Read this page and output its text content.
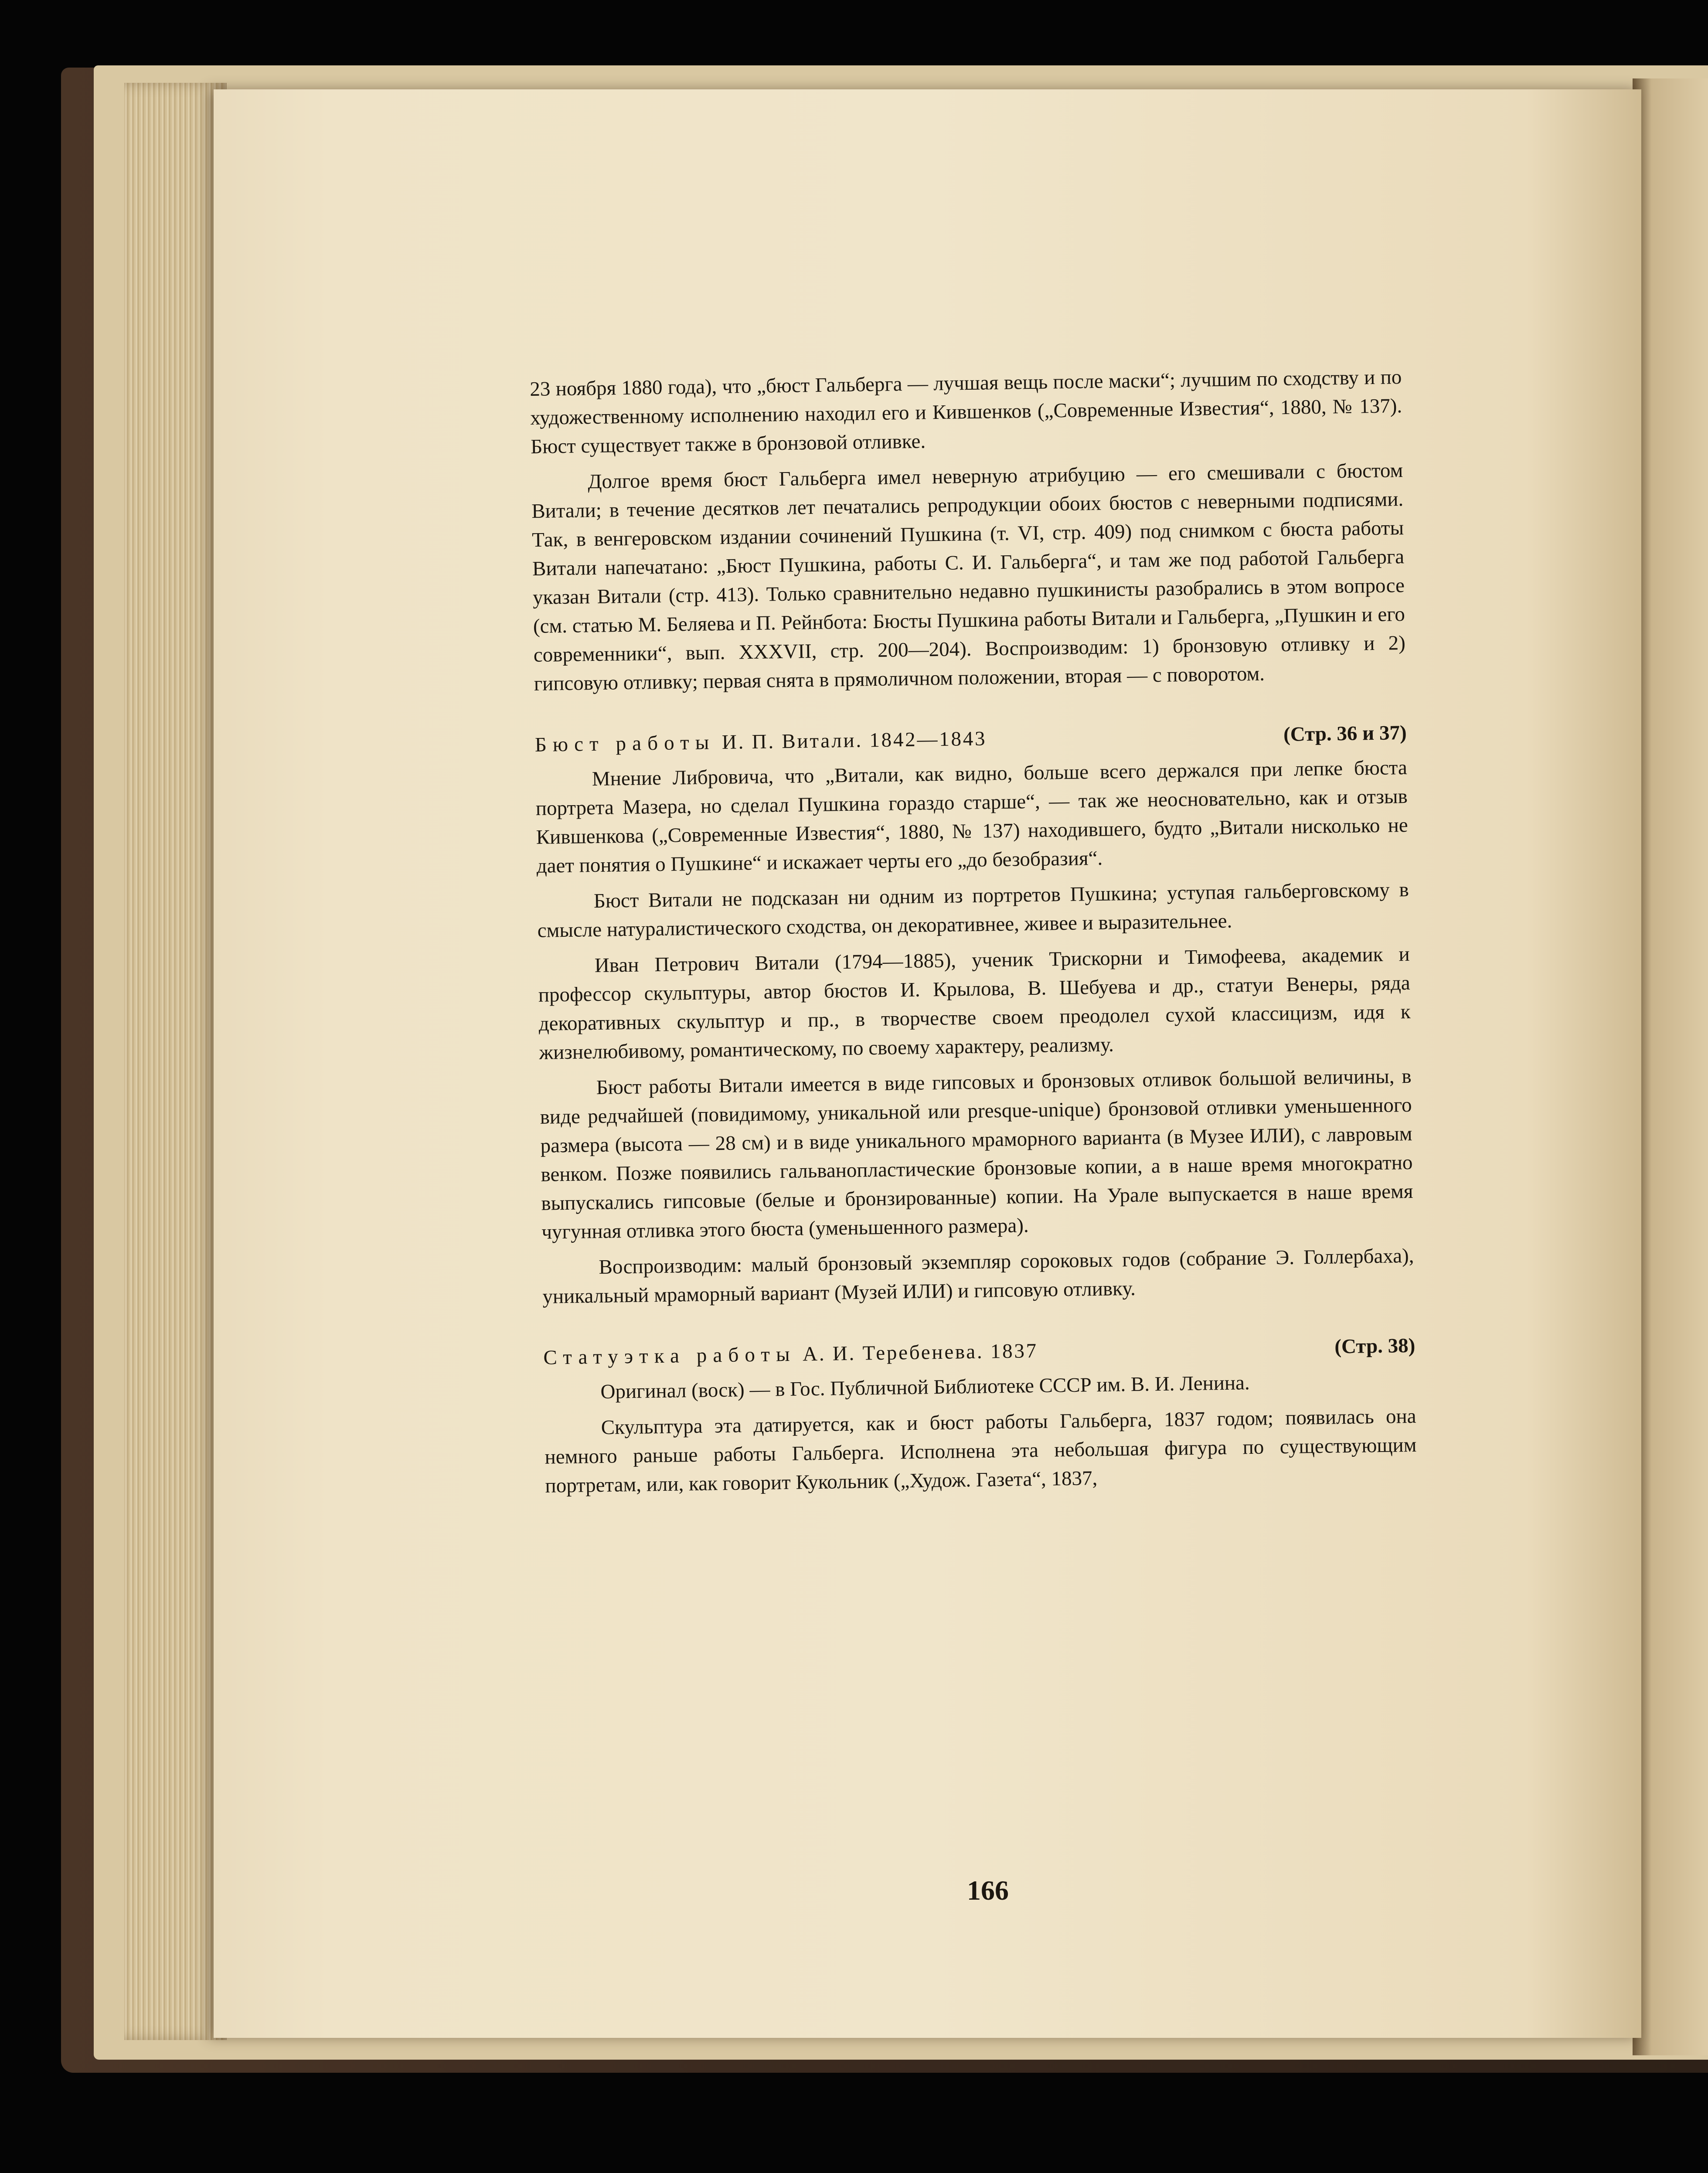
23 ноября 1880 года), что „бюст Гальберга — лучшая вещь после маски“; лучшим по сходству и по художественному исполнению находил его и Кившенков („Современные Известия“, 1880, № 137). Бюст существует также в бронзовой отливке.

Долгое время бюст Гальберга имел неверную атрибуцию — его смешивали с бюстом Витали; в течение десятков лет печатались репродукции обоих бюстов с неверными подписями. Так, в венгеровском издании сочинений Пушкина (т. VI, стр. 409) под снимком с бюста работы Витали напечатано: „Бюст Пушкина, работы С. И. Гальберга“, и там же под работой Гальберга указан Витали (стр. 413). Только сравнительно недавно пушкинисты разобрались в этом вопросе (см. статью М. Беляева и П. Рейнбота: Бюсты Пушкина работы Витали и Гальберга, „Пушкин и его современники“, вып. XXXVII, стр. 200—204). Воспроизводим: 1) бронзовую отливку и 2) гипсовую отливку; первая снята в прямоличном положении, вторая — с поворотом.

Бюст работы И. П. Витали. 1842—1843	(Стр. 36 и 37)

Мнение Либровича, что „Витали, как видно, больше всего держался при лепке бюста портрета Мазера, но сделал Пушкина гораздо старше“, — так же неосновательно, как и отзыв Кившенкова („Современные Известия“, 1880, № 137) находившего, будто „Витали нисколько не дает понятия о Пушкине“ и искажает черты его „до безобразия“.

Бюст Витали не подсказан ни одним из портретов Пушкина; уступая гальберговскому в смысле натуралистического сходства, он декоративнее, живее и выразительнее.

Иван Петрович Витали (1794—1885), ученик Трискорни и Тимофеева, академик и профессор скульптуры, автор бюстов И. Крылова, В. Шебуева и др., статуи Венеры, ряда декоративных скульптур и пр., в творчестве своем преодолел сухой классицизм, идя к жизнелюбивому, романтическому, по своему характеру, реализму.

Бюст работы Витали имеется в виде гипсовых и бронзовых отливок большой величины, в виде редчайшей (повидимому, уникальной или presque-unique) бронзовой отливки уменьшенного размера (высота — 28 см) и в виде уникального мраморного варианта (в Музее ИЛИ), с лавровым венком. Позже появились гальванопластические бронзовые копии, а в наше время многократно выпускались гипсовые (белые и бронзированные) копии. На Урале выпускается в наше время чугунная отливка этого бюста (уменьшенного размера).

Воспроизводим: малый бронзовый экземпляр сороковых годов (собрание Э. Голлербаха), уникальный мраморный вариант (Музей ИЛИ) и гипсовую отливку.

Статуэтка работы А. И. Теребенева. 1837	(Стр. 38)

Оригинал (воск) — в Гос. Публичной Библиотеке СССР им. В. И. Ленина.

Скульптура эта датируется, как и бюст работы Гальберга, 1837 годом; появилась она немного раньше работы Гальберга. Исполнена эта небольшая фигура по существующим портретам, или, как говорит Кукольник („Худож. Газета“, 1837,

166
